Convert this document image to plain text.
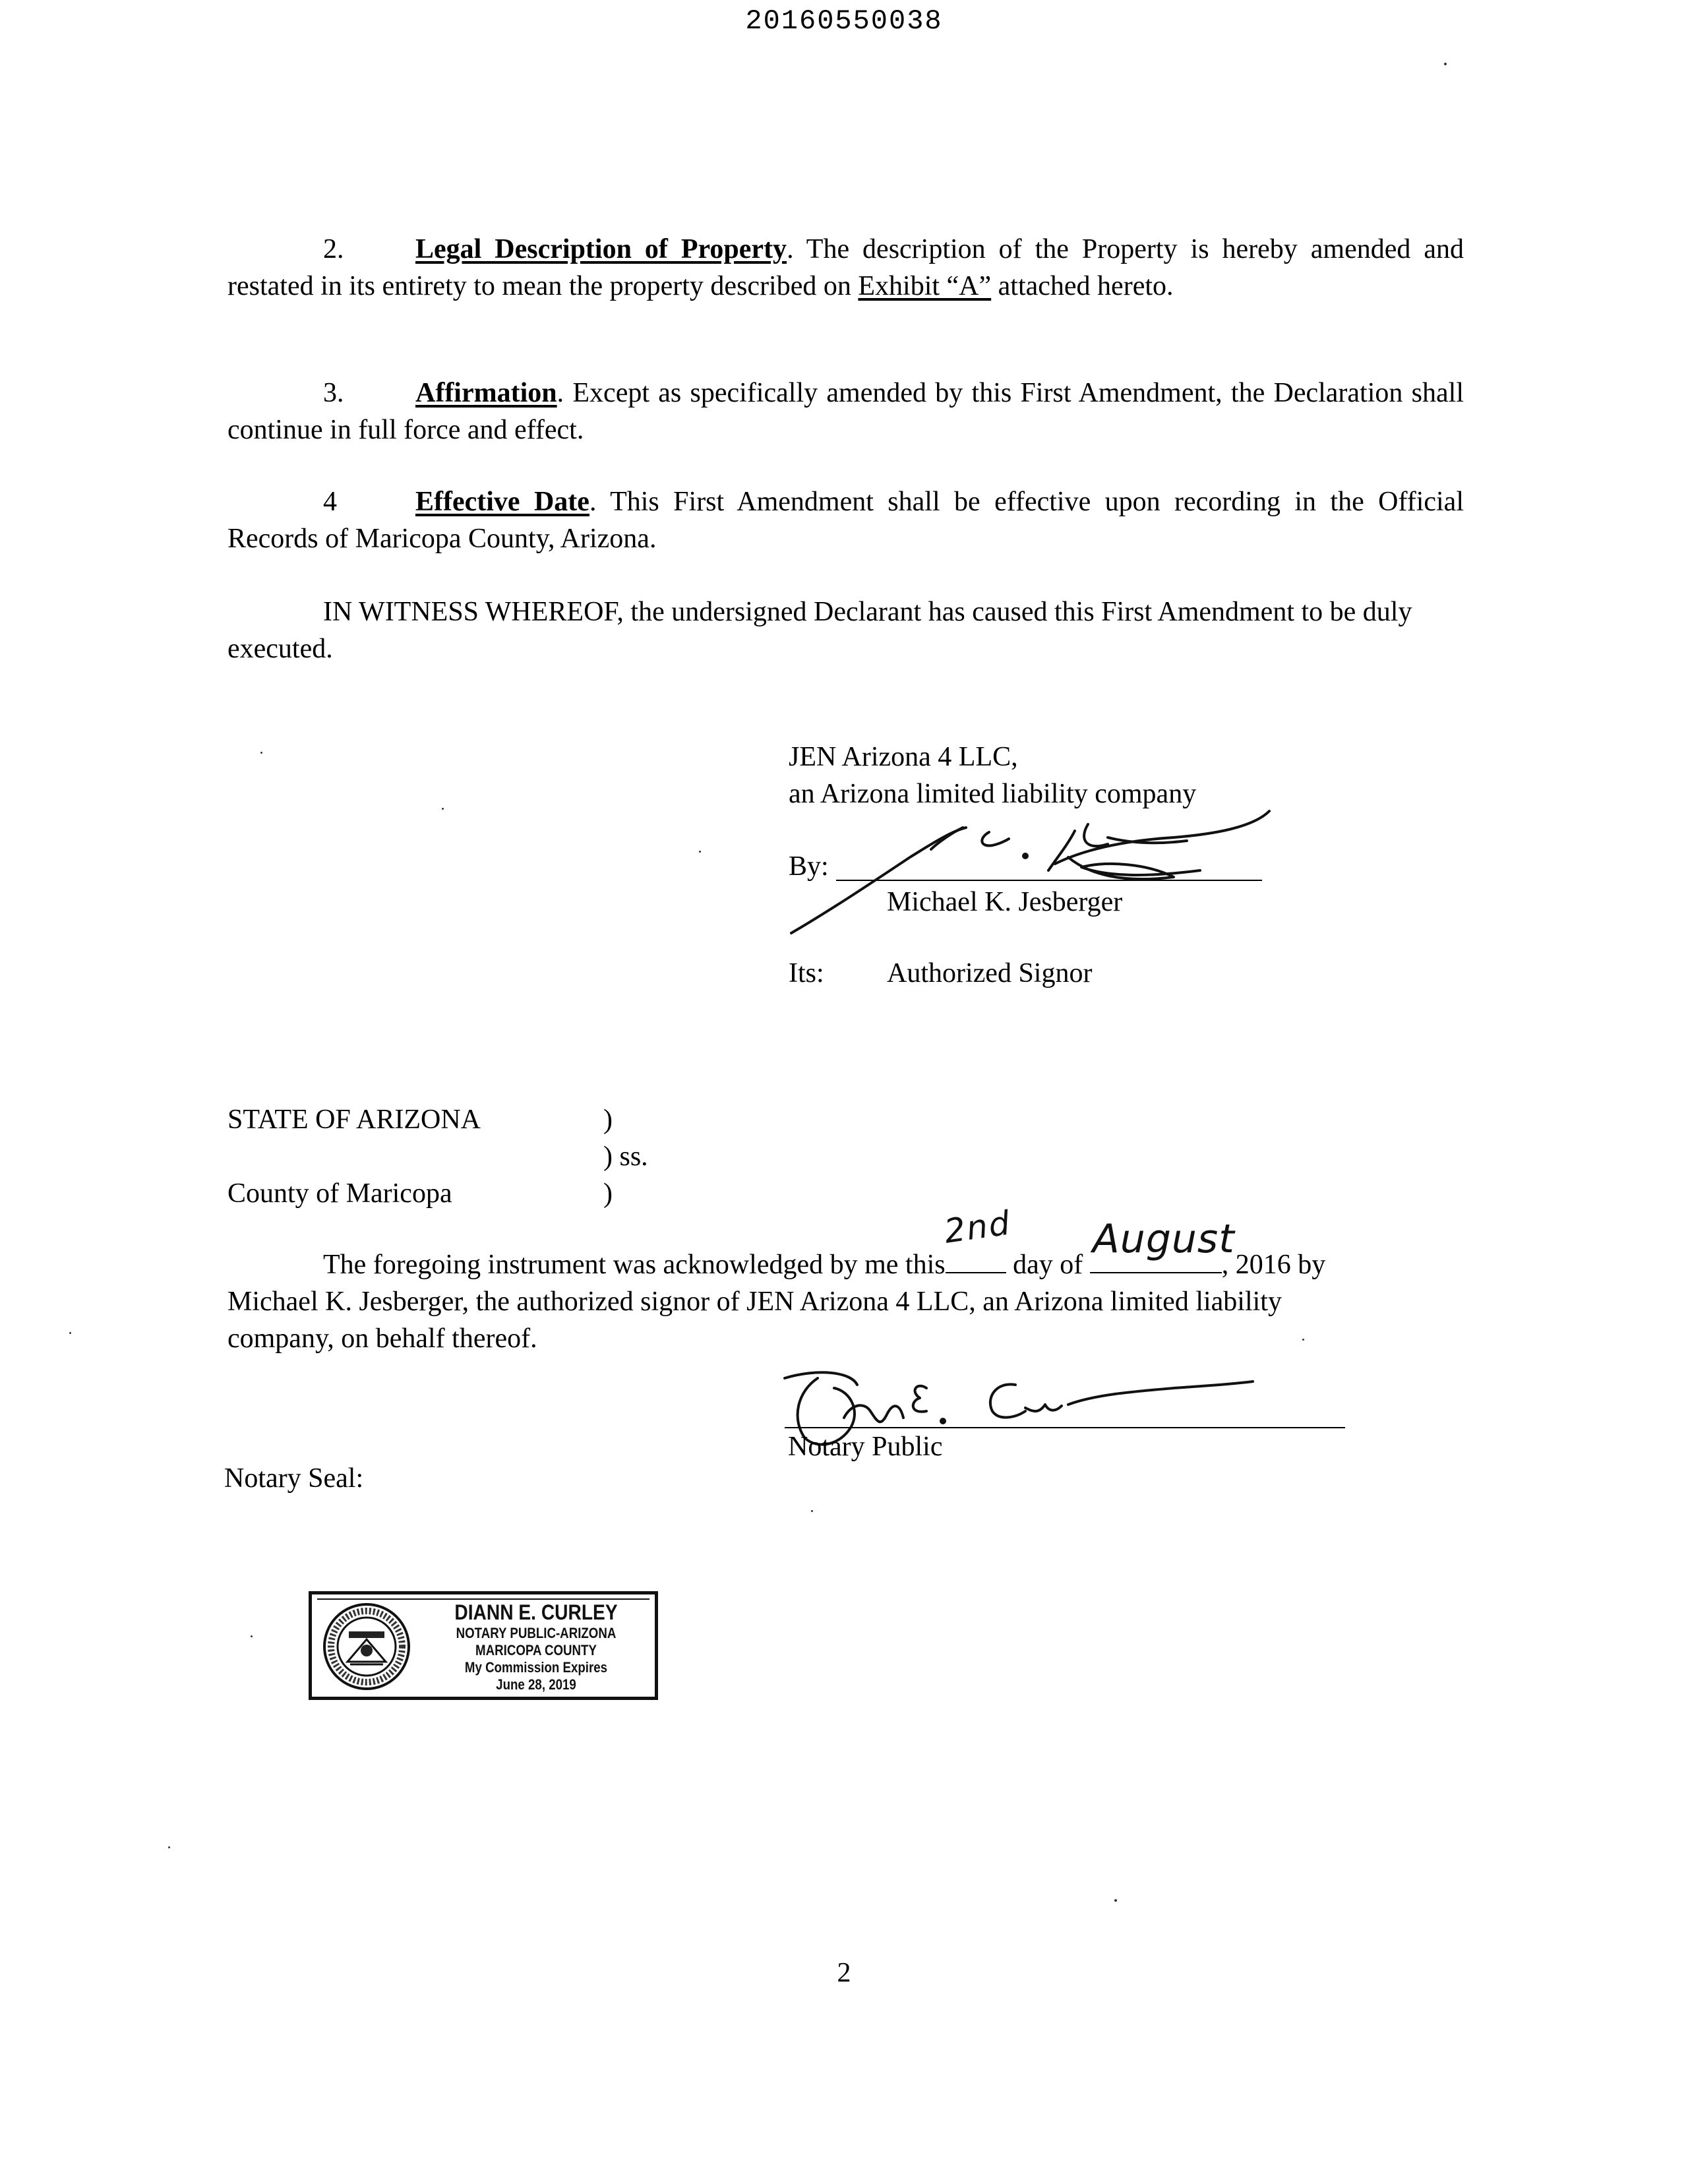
20160550038
2.	Legal Description of Property. The description of the Property is hereby amended and restated in its entirety to mean the property described on Exhibit “A” attached hereto.
3.	Affirmation. Except as specifically amended by this First Amendment, the Declaration shall continue in full force and effect.
4	Effective Date. This First Amendment shall be effective upon recording in the Official Records of Maricopa County, Arizona.
IN WITNESS WHEREOF, the undersigned Declarant has caused this First Amendment to be duly executed.
JEN Arizona 4 LLC,
an Arizona limited liability company
By:
Michael K. Jesberger
Its: Authorized Signor
STATE OF ARIZONA	)
) ss.
County of Maricopa	)
The foregoing instrument was acknowledged by me this
2nd
day of
August
, 2016 by
Michael K. Jesberger, the authorized signor of JEN Arizona 4 LLC, an Arizona limited liability
company, on behalf thereof.
Notary Public
Notary Seal:
DIANN E. CURLEY
NOTARY PUBLIC-ARIZONA
MARICOPA COUNTY
My Commission Expires
June 28, 2019
2
